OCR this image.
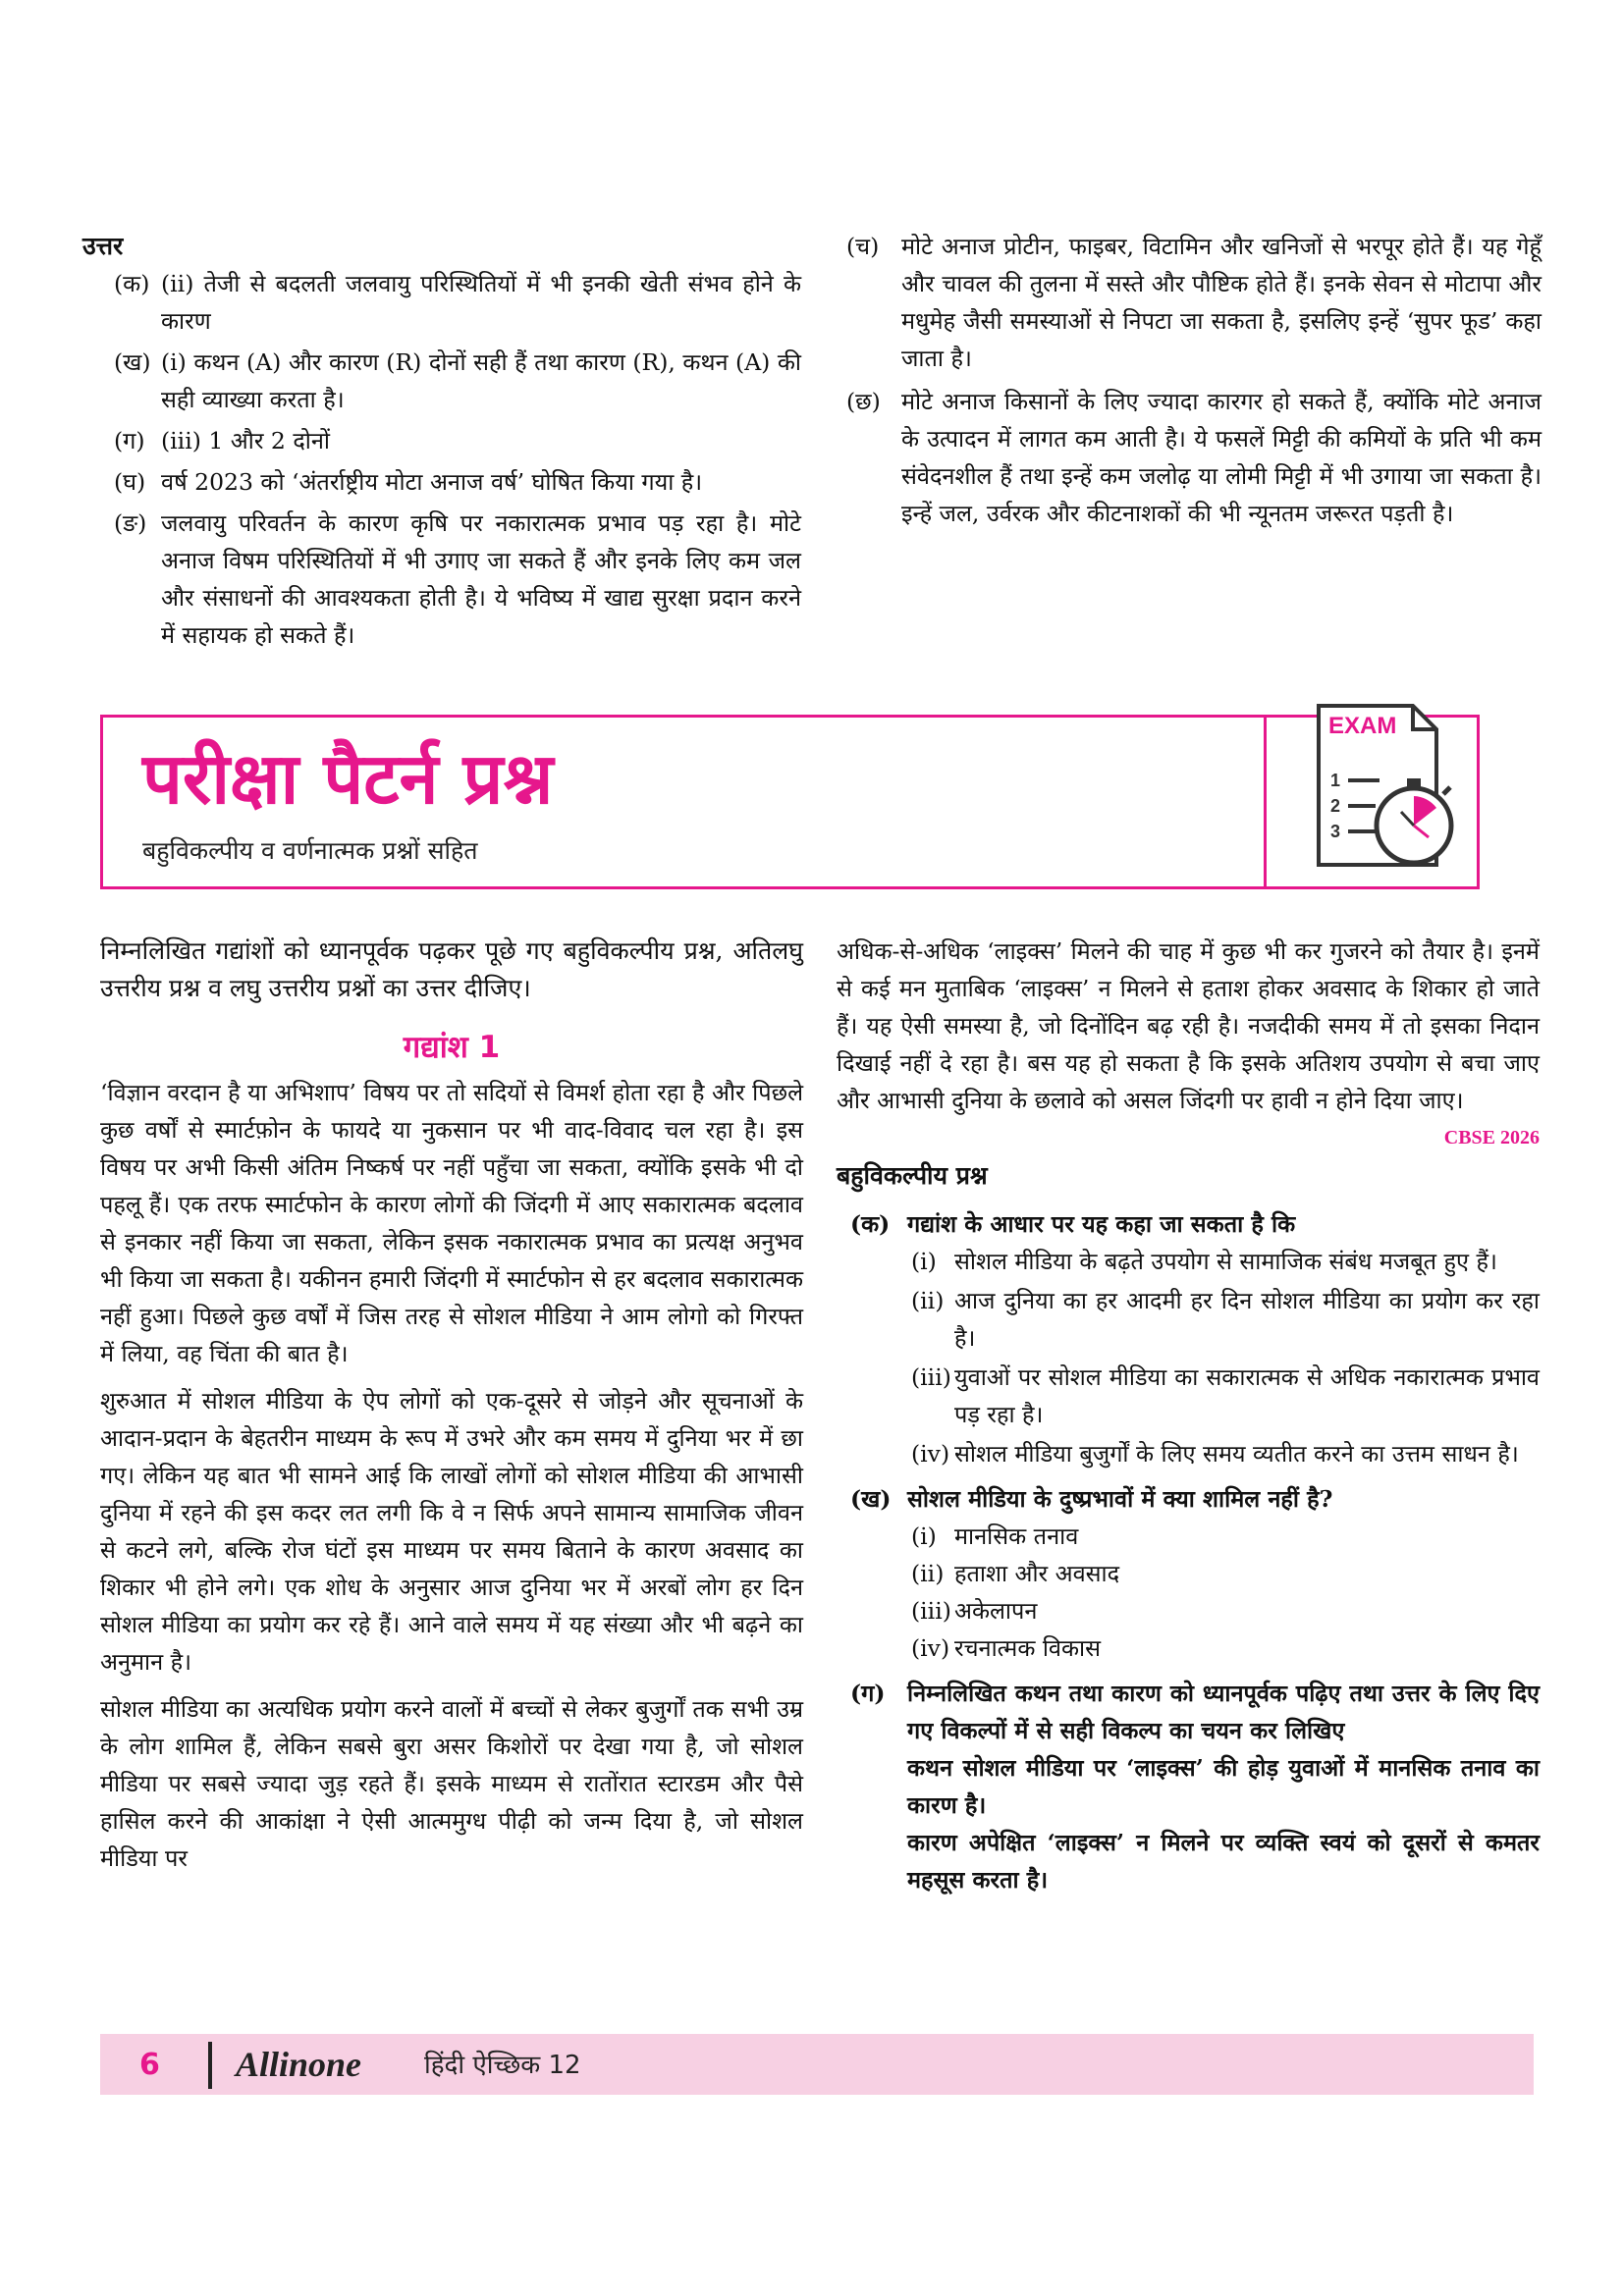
उत्तर
(क) (ii) तेजी से बदलती जलवायु परिस्थितियों में भी इनकी खेती संभव होने के कारण
(ख) (i) कथन (A) और कारण (R) दोनों सही हैं तथा कारण (R), कथन (A) की सही व्याख्या करता है।
(ग) (iii) 1 और 2 दोनों
(घ) वर्ष 2023 को ‘अंतर्राष्ट्रीय मोटा अनाज वर्ष’ घोषित किया गया है।
(ङ) जलवायु परिवर्तन के कारण कृषि पर नकारात्मक प्रभाव पड़ रहा है। मोटे अनाज विषम परिस्थितियों में भी उगाए जा सकते हैं और इनके लिए कम जल और संसाधनों की आवश्यकता होती है। ये भविष्य में खाद्य सुरक्षा प्रदान करने में सहायक हो सकते हैं।
(च) मोटे अनाज प्रोटीन, फाइबर, विटामिन और खनिजों से भरपूर होते हैं। यह गेहूँ और चावल की तुलना में सस्ते और पौष्टिक होते हैं। इनके सेवन से मोटापा और मधुमेह जैसी समस्याओं से निपटा जा सकता है, इसलिए इन्हें ‘सुपर फूड’ कहा जाता है।
(छ) मोटे अनाज किसानों के लिए ज्यादा कारगर हो सकते हैं, क्योंकि मोटे अनाज के उत्पादन में लागत कम आती है। ये फसलें मिट्टी की कमियों के प्रति भी कम संवेदनशील हैं तथा इन्हें कम जलोढ़ या लोमी मिट्टी में भी उगाया जा सकता है। इन्हें जल, उर्वरक और कीटनाशकों की भी न्यूनतम जरूरत पड़ती है।
परीक्षा पैटर्न प्रश्न
बहुविकल्पीय व वर्णनात्मक प्रश्नों सहित
EXAM
1
2
3

निम्नलिखित गद्यांशों को ध्यानपूर्वक पढ़कर पूछे गए बहुविकल्पीय प्रश्न, अतिलघु उत्तरीय प्रश्न व लघु उत्तरीय प्रश्नों का उत्तर दीजिए।

गद्यांश 1

‘विज्ञान वरदान है या अभिशाप’ विषय पर तो सदियों से विमर्श होता रहा है और पिछले कुछ वर्षों से स्मार्टफ़ोन के फायदे या नुकसान पर भी वाद-विवाद चल रहा है। इस विषय पर अभी किसी अंतिम निष्कर्ष पर नहीं पहुँचा जा सकता, क्योंकि इसके भी दो पहलू हैं। एक तरफ स्मार्टफोन के कारण लोगों की जिंदगी में आए सकारात्मक बदलाव से इनकार नहीं किया जा सकता, लेकिन इसक नकारात्मक प्रभाव का प्रत्यक्ष अनुभव भी किया जा सकता है। यकीनन हमारी जिंदगी में स्मार्टफोन से हर बदलाव सकारात्मक नहीं हुआ। पिछले कुछ वर्षों में जिस तरह से सोशल मीडिया ने आम लोगो को गिरफ्त में लिया, वह चिंता की बात है।

शुरुआत में सोशल मीडिया के ऐप लोगों को एक-दूसरे से जोड़ने और सूचनाओं के आदान-प्रदान के बेहतरीन माध्यम के रूप में उभरे और कम समय में दुनिया भर में छा गए। लेकिन यह बात भी सामने आई कि लाखों लोगों को सोशल मीडिया की आभासी दुनिया में रहने की इस कदर लत लगी कि वे न सिर्फ अपने सामान्य सामाजिक जीवन से कटने लगे, बल्कि रोज घंटों इस माध्यम पर समय बिताने के कारण अवसाद का शिकार भी होने लगे। एक शोध के अनुसार आज दुनिया भर में अरबों लोग हर दिन सोशल मीडिया का प्रयोग कर रहे हैं। आने वाले समय में यह संख्या और भी बढ़ने का अनुमान है।

सोशल मीडिया का अत्यधिक प्रयोग करने वालों में बच्चों से लेकर बुजुर्गों तक सभी उम्र के लोग शामिल हैं, लेकिन सबसे बुरा असर किशोरों पर देखा गया है, जो सोशल मीडिया पर सबसे ज्यादा जुड़ रहते हैं। इसके माध्यम से रातोंरात स्टारडम और पैसे हासिल करने की आकांक्षा ने ऐसी आत्ममुग्ध पीढ़ी को जन्म दिया है, जो सोशल मीडिया पर

अधिक-से-अधिक ‘लाइक्स’ मिलने की चाह में कुछ भी कर गुजरने को तैयार है। इनमें से कई मन मुताबिक ‘लाइक्स’ न मिलने से हताश होकर अवसाद के शिकार हो जाते हैं। यह ऐसी समस्या है, जो दिनोंदिन बढ़ रही है। नजदीकी समय में तो इसका निदान दिखाई नहीं दे रहा है। बस यह हो सकता है कि इसके अतिशय उपयोग से बचा जाए और आभासी दुनिया के छलावे को असल जिंदगी पर हावी न होने दिया जाए।
CBSE 2026

बहुविकल्पीय प्रश्न
(क) गद्यांश के आधार पर यह कहा जा सकता है कि
(i) सोशल मीडिया के बढ़ते उपयोग से सामाजिक संबंध मजबूत हुए हैं।
(ii) आज दुनिया का हर आदमी हर दिन सोशल मीडिया का प्रयोग कर रहा है।
(iii) युवाओं पर सोशल मीडिया का सकारात्मक से अधिक नकारात्मक प्रभाव पड़ रहा है।
(iv) सोशल मीडिया बुजुर्गों के लिए समय व्यतीत करने का उत्तम साधन है।
(ख) सोशल मीडिया के दुष्प्रभावों में क्या शामिल नहीं है?
(i) मानसिक तनाव
(ii) हताशा और अवसाद
(iii) अकेलापन
(iv) रचनात्मक विकास
(ग) निम्नलिखित कथन तथा कारण को ध्यानपूर्वक पढ़िए तथा उत्तर के लिए दिए गए विकल्पों में से सही विकल्प का चयन कर लिखिए
कथन सोशल मीडिया पर ‘लाइक्स’ की होड़ युवाओं में मानसिक तनाव का कारण है।
कारण अपेक्षित ‘लाइक्स’ न मिलने पर व्यक्ति स्वयं को दूसरों से कमतर महसूस करता है।
6 Allinone हिंदी ऐच्छिक 12
